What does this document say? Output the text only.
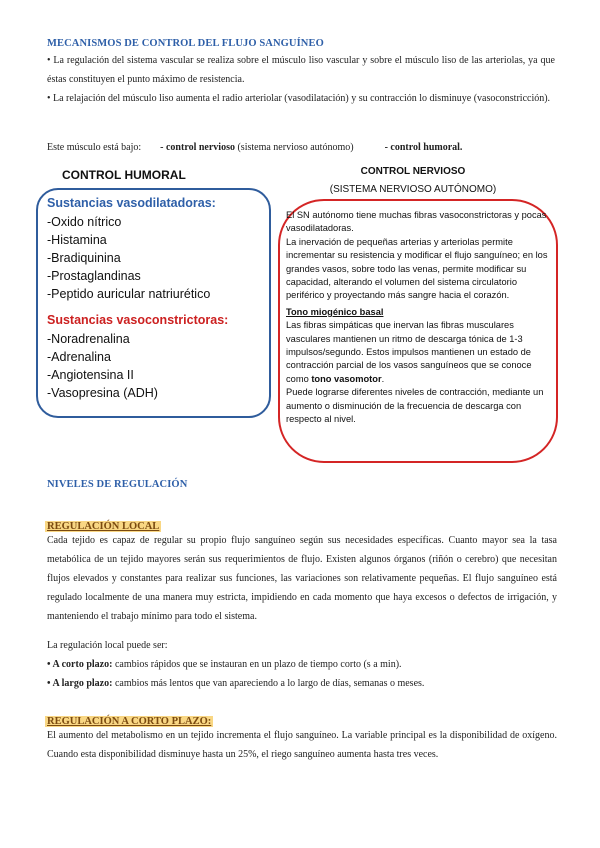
MECANISMOS DE CONTROL DEL FLUJO SANGUÍNEO

• La regulación del sistema vascular se realiza sobre el músculo liso vascular y sobre el músculo liso de las arteriolas, ya que éstas constituyen el punto máximo de resistencia.

• La relajación del músculo liso aumenta el radio arteriolar (vasodilatación) y su contracción lo disminuye (vasoconstricción).

Este músculo está bajo: - control nervioso (sistema nervioso autónomo)	- control humoral.
CONTROL HUMORAL
Sustancias vasodilatadoras:
-Oxido nítrico
-Histamina
-Bradiquinina
-Prostaglandinas
-Peptido auricular natriurético
Sustancias vasoconstrictoras:
-Noradrenalina
-Adrenalina
-Angiotensina II
-Vasopresina (ADH)
CONTROL NERVIOSO
(SISTEMA NERVIOSO AUTÓNOMO)

El SN autónomo tiene muchas fibras vasoconstrictoras y pocas vasodilatadoras.

La inervación de pequeñas arterias y arteriolas permite incrementar su resistencia y modificar el flujo sanguíneo; en los grandes vasos, sobre todo las venas, permite modificar su capacidad, alterando el volumen del sistema circulatorio periférico y proyectando más sangre hacia el corazón.

Tono miogénico basal

Las fibras simpáticas que inervan las fibras musculares vasculares mantienen un ritmo de descarga tónica de 1-3 impulsos/segundo. Estos impulsos mantienen un estado de contracción parcial de los vasos sanguíneos que se conoce como tono vasomotor.

Puede lograrse diferentes niveles de contracción, mediante un aumento o disminución de la frecuencia de descarga con respecto al nivel.

NIVELES DE REGULACIÓN
REGULACIÓN LOCAL
Cada tejido es capaz de regular su propio flujo sanguíneo según sus necesidades específicas. Cuanto mayor sea la tasa metabólica de un tejido mayores serán sus requerimientos de flujo. Existen algunos órganos (riñón o cerebro) que necesitan flujos elevados y constantes para realizar sus funciones, las variaciones son relativamente pequeñas. El flujo sanguíneo está regulado localmente de una manera muy estricta, impidiendo en cada momento que haya excesos o defectos de irrigación, y manteniendo el trabajo mínimo para todo el sistema.
La regulación local puede ser:
• A corto plazo: cambios rápidos que se instauran en un plazo de tiempo corto (s a min).
• A largo plazo: cambios más lentos que van apareciendo a lo largo de días, semanas o meses.
REGULACIÓN A CORTO PLAZO:
El aumento del metabolismo en un tejido incrementa el flujo sanguíneo. La variable principal es la disponibilidad de oxígeno. Cuando esta disponibilidad disminuye hasta un 25%, el riego sanguíneo aumenta hasta tres veces.
